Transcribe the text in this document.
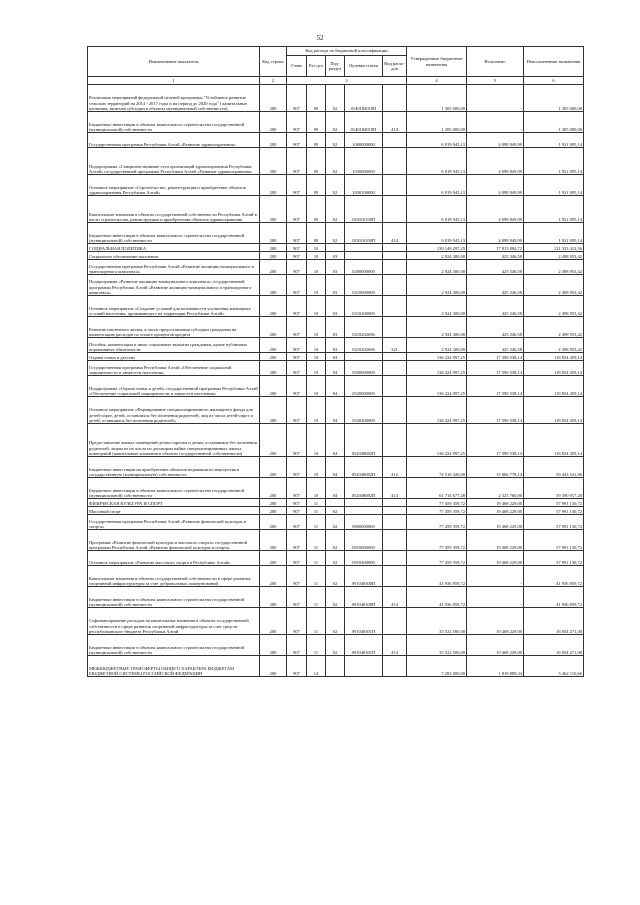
52
Наименование показателя	Код строки	Код расхода по бюджетной классификации					Утвержденные бюджетные назначения	Исполнено	Неисполненные назначения
		Глава	Раз-дел	Под-раздел	Целевая статья	Вид расхо-дов			
1	2	3					4	5	6
Реализация мероприятий федеральной целевой программы "Устойчивое развитие сельских территорий на 2014 - 2017 годы и на период до 2020 года" ( капитальные вложения, включая субсидии в объекты муниципальной собственности)	200	907	09	02	0140184018П		1 305 000,00	-	1 305 000,00
Бюджетные инвестиции в объекты капитального строительства государственной (муниципальной) собственности	200	907	09	02	0140184018П	414	1 305 000,00	-	1 305 000,00
Государственная программа Республики Алтай «Развитие здравоохранения»	200	907	09	02	1000000000		6 019 945,13	4 098 849,99	1 921 095,14
Подпрограмма «Совершенствование сети организаций здравоохранения Республики Алтай» государственной программы Республики Алтай «Развитие здравоохранения»	200	907	09	02	1030000000		6 019 945,13	4 098 849,99	1 921 095,14
Основное мероприятие «Строительство, реконструкция и приобретение объектов здравоохранения Республики Алтай»	200	907	09	02	1030100000		6 019 945,13	4 098 849,99	1 921 095,14
Капитальные вложения в объекты государственной собственности Республики Алтай в части строительства, реконструкции и приобретения объектов здравоохранения	200	907	09	02	103010100П		6 019 945,13	4 098 849,99	1 921 095,14
Бюджетные инвестиции в объекты капитального строительства государственной (муниципальной) собственности	200	907	09	02	103010100П	414	6 019 945,13	4 098 849,99	1 921 095,14
СОЦИАЛЬНАЯ ПОЛИТИКА	200	907	10				139 149 297,25	17 815 884,72	121 333 412,56
Социальное обеспечение населения	200	907	10	03			2 924 300,00	425 346,58	2 498 953,42
Государственная программа Республики Алтай «Развитие жилищно-коммунального и транспортного комплекса»	200	907	10	03	0200000000		2 924 300,00	425 346,58	2 498 953,42
Подпрограмма «Развитие жилищно-коммунального комплекса» государственной программы Республики Алтай «Развитие жилищно-коммунального и транспортного комплекса»	200	907	10	03	0210000000		2 924 300,00	425 346,58	2 498 953,42
Основное мероприятие «Создание условий для возможности улучшения жилищных условий населения, проживающего на территории Республики Алтай»	200	907	10	03	0210200000		2 924 300,00	425 346,58	2 498 953,42
Развитие ипотечного жилья, в части предоставления субсидии гражданам на компенсацию расходов по оплате процентов кредита	200	907	10	03	0210202696		2 924 300,00	425 346,58	2 498 953,42
Пособия, компенсации и иные социальные выплаты гражданам, кроме публичных нормативных обязательств	200	907	10	03	0210202696	321	2 924 300,00	425 346,58	2 498 953,42
Охрана семьи и детства	200	907	10	04			136 224 997,25	17 390 538,14	118 834 459,14
Государственная программа Республики Алтай «Обеспечение социальной защищенности и занятости населения»	200	907	10	04	0500000000		136 224 997,25	17 390 538,14	118 834 459,14
Подпрограмма «Охрана семьи и детей» государственной программы Республики Алтай «Обеспечение социальной защищенности и занятости населения»	200	907	10	04	0520000000		136 224 997,25	17 390 538,14	118 834 459,14
Основное мероприятие «Формирование специализированного жилищного фонда для детей-сирот, детей, оставшихся без попечения родителей, лиц из числа детей-сирот и детей, оставшихся без попечения родителей»	200	907	10	04	0520400000		136 224 997,25	17 390 538,14	118 834 459,14
Предоставление жилых помещений детям-сиротам и детям, оставшимся без попечения родителей, лицам из их числа по договорам найма специализированных жилых помещений (капитальные вложения в объекты государственной собственности)	200	907	10	04	052048082П		136 224 997,25	17 390 538,14	118 834 459,14
Бюджетные инвестиции на приобретение объектов недвижимого имущества в государственную (муниципальную) собственность	200	907	10	04	052048082П	412	74 510 320,00	15 066 778,14	59 443 541,86
Бюджетные инвестиции в объекты капитального строительства государственной (муниципальной) собственности	200	907	10	04	052048082П	414	61 714 677,28	2 323 760,00	59 390 917,28
ФИЗИЧЕСКАЯ КУЛЬТУРА И СПОРТ	200	907	11				77 459 359,72	19 468 229,00	57 991 130,72
Массовый спорт	200	907	11	02			77 459 359,72	19 468 229,00	57 991 130,72
Государственная программа Республики Алтай «Развитие физической культуры и спорта»	200	907	11	02	0900000000		77 459 359,72	19 468 229,00	57 991 130,72
Программа «Развитие физической культуры и массового спорта» государственной программы Республики Алтай «Развитие физической культуры и спорта»	200	907	11	02	0910000000		77 459 359,72	19 468 229,00	57 991 130,72
Основное мероприятие «Развитие массового спорта в Республике Алтай»	200	907	11	02	0910400000		77 459 359,72	19 468 229,00	57 991 130,72
Капитальные вложения в объекты государственной собственности в сфере развития спортивной инфраструктуры за счет добровольных пожертвований	200	907	11	02	091040300П		41 936 859,72	-	41 936 859,72
Бюджетные инвестиции в объекты капитального строительства государственной (муниципальной) собственности	200	907	11	02	091040300П	414	41 936 859,72	-	41 936 859,72
Софинансирование расходов на капитальные вложения в объекты государственной собственности в сфере развития спортивной инфраструктуры за счет средств республиканского бюджета Республики Алтай	200	907	11	02	091040301П		35 522 500,00	19 468 229,00	16 054 271,00
Бюджетные инвестиции в объекты капитального строительства государственной (муниципальной) собственности	200	907	11	02	091040301П	414	35 522 500,00	19 468 229,00	16 054 271,00
МЕЖБЮДЖЕТНЫЕ ТРАНСФЕРТЫ ОБЩЕГО ХАРАКТЕРА БЮДЖЕТАМ БЮДЖЕТНОЙ СИСТЕМЫ РОССИЙСКОЙ ФЕДЕРАЦИИ	200	907	14				7 282 000,00	1 819 889,34	5 462 110,66
